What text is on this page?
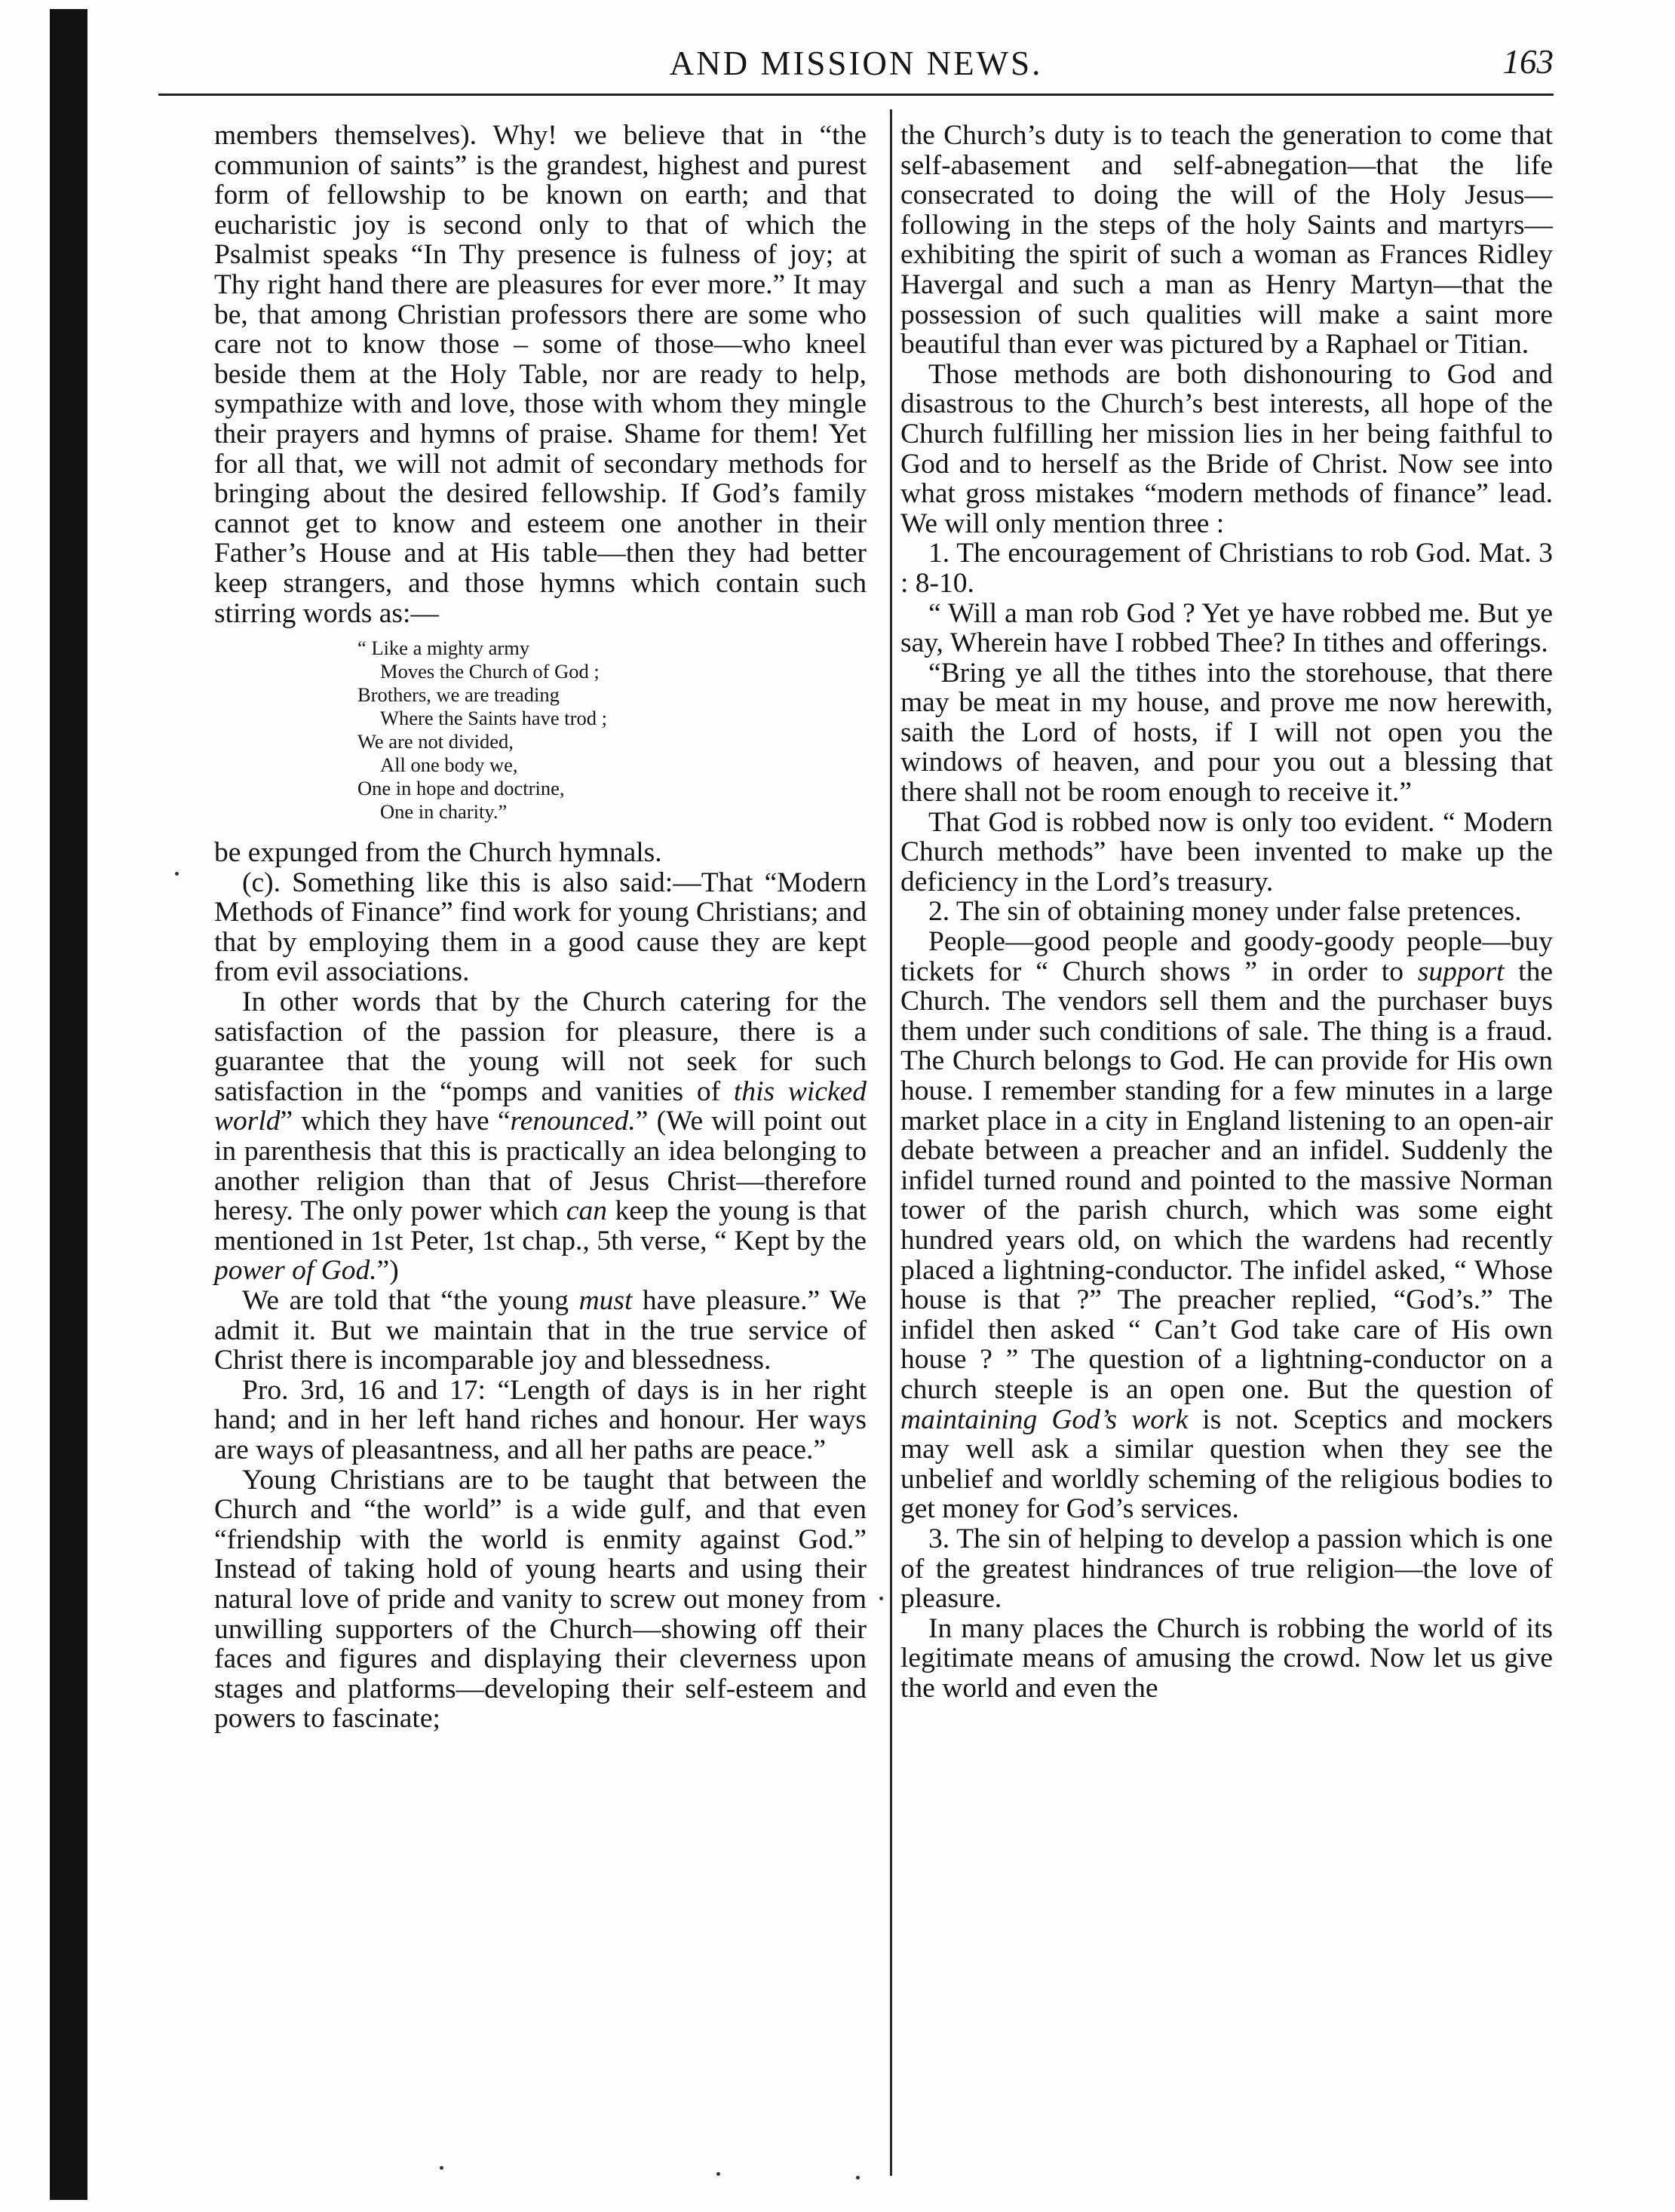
AND MISSION NEWS.	163

members themselves). Why! we believe that in “the communion of saints” is the grandest, highest and purest form of fellowship to be known on earth; and that eucharistic joy is second only to that of which the Psalmist speaks “In Thy presence is fulness of joy; at Thy right hand there are pleasures for ever more.” It may be, that among Christian professors there are some who care not to know those – some of those—who kneel beside them at the Holy Table, nor are ready to help, sympathize with and love, those with whom they mingle their prayers and hymns of praise. Shame for them! Yet for all that, we will not admit of secondary methods for bringing about the desired fellowship. If God’s family cannot get to know and esteem one another in their Father’s House and at His table—then they had better keep strangers, and those hymns which contain such stirring words as:—

“ Like a mighty army
Moves the Church of God ;
Brothers, we are treading
Where the Saints have trod ;
We are not divided,
All one body we,
One in hope and doctrine,
One in charity.”

be expunged from the Church hymnals.

(c). Something like this is also said:—That “Modern Methods of Finance” find work for young Christians; and that by employing them in a good cause they are kept from evil associations.

In other words that by the Church catering for the satisfaction of the passion for pleasure, there is a guarantee that the young will not seek for such satisfaction in the “pomps and vanities of this wicked world” which they have “renounced.” (We will point out in parenthesis that this is practically an idea belonging to another religion than that of Jesus Christ—therefore heresy. The only power which can keep the young is that mentioned in 1st Peter, 1st chap., 5th verse, “ Kept by the power of God.”)

We are told that “the young must have pleasure.” We admit it. But we maintain that in the true service of Christ there is incomparable joy and blessedness.

Pro. 3rd, 16 and 17: “Length of days is in her right hand; and in her left hand riches and honour. Her ways are ways of pleasantness, and all her paths are peace.”

Young Christians are to be taught that between the Church and “the world” is a wide gulf, and that even “friendship with the world is enmity against God.” Instead of taking hold of young hearts and using their natural love of pride and vanity to screw out money from unwilling supporters of the Church—showing off their faces and figures and displaying their cleverness upon stages and platforms—developing their self-esteem and powers to fascinate;

the Church’s duty is to teach the generation to come that self-abasement and self-abnegation—that the life consecrated to doing the will of the Holy Jesus—following in the steps of the holy Saints and martyrs—exhibiting the spirit of such a woman as Frances Ridley Havergal and such a man as Henry Martyn—that the possession of such qualities will make a saint more beautiful than ever was pictured by a Raphael or Titian.

Those methods are both dishonouring to God and disastrous to the Church’s best interests, all hope of the Church fulfilling her mission lies in her being faithful to God and to herself as the Bride of Christ. Now see into what gross mistakes “modern methods of finance” lead. We will only mention three :

1. The encouragement of Christians to rob God. Mat. 3 : 8-10.

“ Will a man rob God ? Yet ye have robbed me. But ye say, Wherein have I robbed Thee? In tithes and offerings.

“Bring ye all the tithes into the storehouse, that there may be meat in my house, and prove me now herewith, saith the Lord of hosts, if I will not open you the windows of heaven, and pour you out a blessing that there shall not be room enough to receive it.”

That God is robbed now is only too evident. “ Modern Church methods” have been invented to make up the deficiency in the Lord’s treasury.

2. The sin of obtaining money under false pretences.

People—good people and goody-goody people—buy tickets for “ Church shows ” in order to support the Church. The vendors sell them and the purchaser buys them under such conditions of sale. The thing is a fraud. The Church belongs to God. He can provide for His own house. I remember standing for a few minutes in a large market place in a city in England listening to an open-air debate between a preacher and an infidel. Suddenly the infidel turned round and pointed to the massive Norman tower of the parish church, which was some eight hundred years old, on which the wardens had recently placed a lightning-conductor. The infidel asked, “ Whose house is that ?” The preacher replied, “God’s.” The infidel then asked “ Can’t God take care of His own house ? ” The question of a lightning-conductor on a church steeple is an open one. But the question of maintaining God’s work is not. Sceptics and mockers may well ask a similar question when they see the unbelief and worldly scheming of the religious bodies to get money for God’s services.

3. The sin of helping to develop a passion which is one of the greatest hindrances of true religion—the love of pleasure.

In many places the Church is robbing the world of its legitimate means of amusing the crowd. Now let us give the world and even the
